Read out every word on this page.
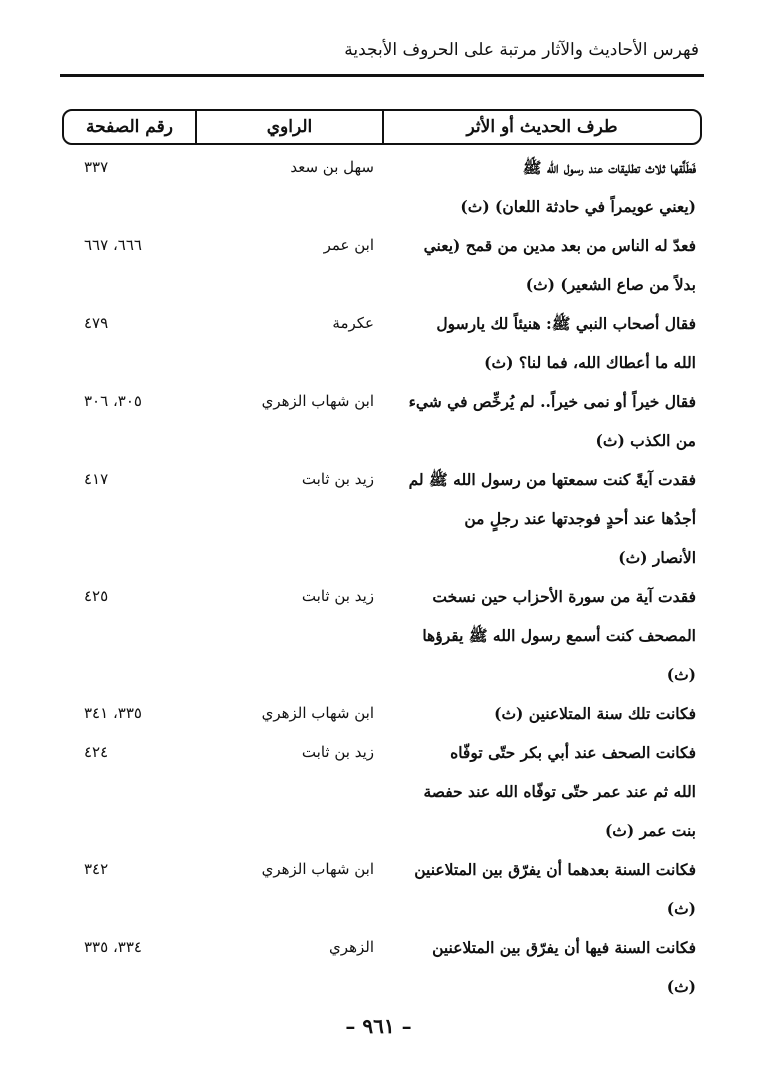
فهرس الأحاديث والآثار مرتبة على الحروف الأبجدية
طرف الحديث أو الأثر
الراوي
رقم الصفحة
فَطَلَّقها ثلاث تطليقات عند رسول الله ﷺ
(يعني عويمراً في حادثة اللعان) (ث)
سهل بن سعد
٣٣٧
فعدّ له الناس من بعد مدين من قمح (يعني
بدلاً من صاع الشعير) (ث)
ابن عمر
٦٦٦، ٦٦٧
فقال أصحاب النبي ﷺ: هنيئاً لك يارسول
الله ما أعطاك الله، فما لنا؟ (ث)
عكرمة
٤٧٩
فقال خيراً أو نمى خيراً.. لم يُرخِّص في شيء
من الكذب (ث)
ابن شهاب الزهري
٣٠٥، ٣٠٦
فقدت آيةً كنت سمعتها من رسول الله ﷺ لم
أجدُها عند أحدٍ فوجدتها عند رجلٍ من
الأنصار (ث)
زيد بن ثابت
٤١٧
فقدت آية من سورة الأحزاب حين نسخت
المصحف كنت أسمع رسول الله ﷺ يقرؤها
(ث)
زيد بن ثابت
٤٢٥
فكانت تلك سنة المتلاعنين (ث)
ابن شهاب الزهري
٣٣٥، ٣٤١
فكانت الصحف عند أبي بكر حتّى توفّاه
الله ثم عند عمر حتّى توفّاه الله عند حفصة
بنت عمر (ث)
زيد بن ثابت
٤٢٤
فكانت السنة بعدهما أن يفرّق بين المتلاعنين
(ث)
ابن شهاب الزهري
٣٤٢
فكانت السنة فيها أن يفرّق بين المتلاعنين
(ث)
الزهري
٣٣٤، ٣٣٥
– ٩٦١ –
